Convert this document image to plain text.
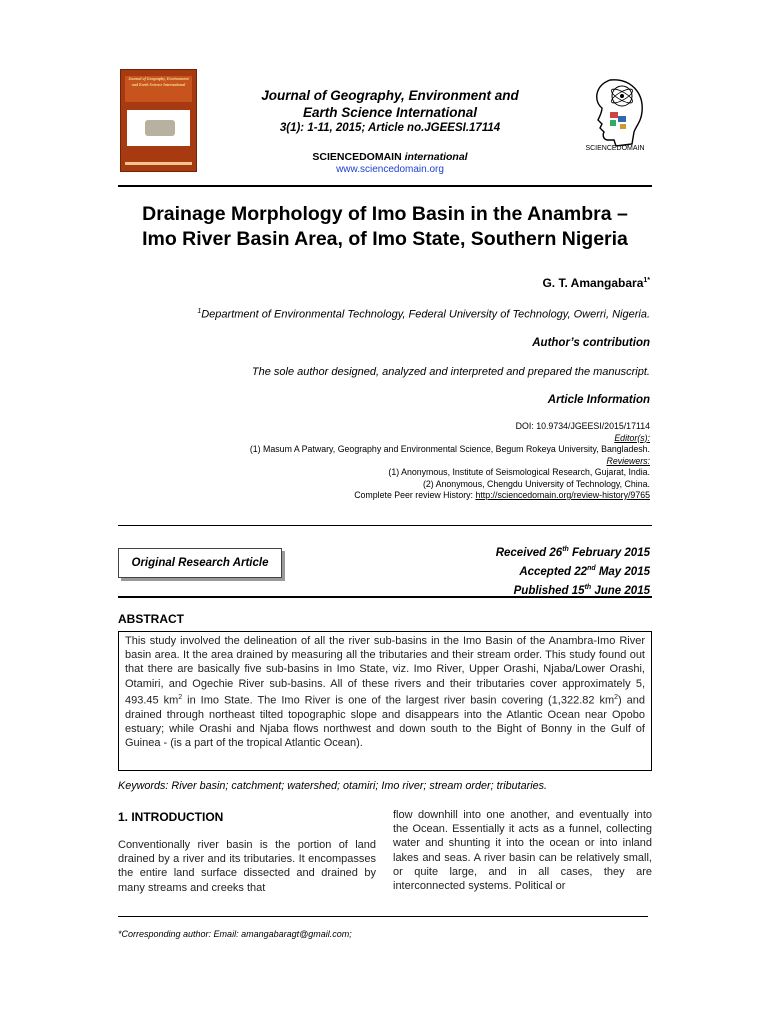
Journal of Geography, Environment and Earth Science International
Journal of Geography, Environment and
Earth Science International
3(1): 1-11, 2015; Article no.JGEESI.17114
SCIENCEDOMAIN international
www.sciencedomain.org
SCIENCEDOMAIN
Drainage Morphology of Imo Basin in the Anambra –
Imo River Basin Area, of Imo State, Southern Nigeria
G. T. Amangabara$^{1*}$
$^1$Department of Environmental Technology, Federal University of Technology, Owerri, Nigeria.
Author’s contribution
The sole author designed, analyzed and interpreted and prepared the manuscript.
Article Information
DOI: 10.9734/JGEESI/2015/17114
Editor(s):
(1) Masum A Patwary, Geography and Environmental Science, Begum Rokeya University, Bangladesh.
Reviewers:
(1) Anonymous, Institute of Seismological Research, Gujarat, India.
(2) Anonymous, Chengdu University of Technology, China.
Complete Peer review History: http://sciencedomain.org/review-history/9765
Original Research Article
Received 26th February 2015
Accepted 22nd May 2015
Published 15th June 2015
ABSTRACT
This study involved the delineation of all the river sub-basins in the Imo Basin of the Anambra-Imo River basin area. It the area drained by measuring all the tributaries and their stream order. This study found out that there are basically five sub-basins in Imo State, viz. Imo River, Upper Orashi, Njaba/Lower Orashi, Otamiri, and Ogechie River sub-basins. All of these rivers and their tributaries cover approximately 5, 493.45 $km^2$ in Imo State. The Imo River is one of the largest river basin covering (1,322.82 $km^2$) and drained through northeast tilted topographic slope and disappears into the Atlantic Ocean near Opobo estuary; while Orashi and Njaba flows northwest and down south to the Bight of Bonny in the Gulf of Guinea - (is a part of the tropical Atlantic Ocean).
Keywords: River basin; catchment; watershed; otamiri; Imo river; stream order; tributaries.
1. INTRODUCTION
Conventionally river basin is the portion of land drained by a river and its tributaries. It encompasses the entire land surface dissected and drained by many streams and creeks that
flow downhill into one another, and eventually into the Ocean. Essentially it acts as a funnel, collecting water and shunting it into the ocean or into inland lakes and seas. A river basin can be relatively small, or quite large, and in all cases, they are interconnected systems. Political or
*Corresponding author: Email: amangabaragt@gmail.com;
